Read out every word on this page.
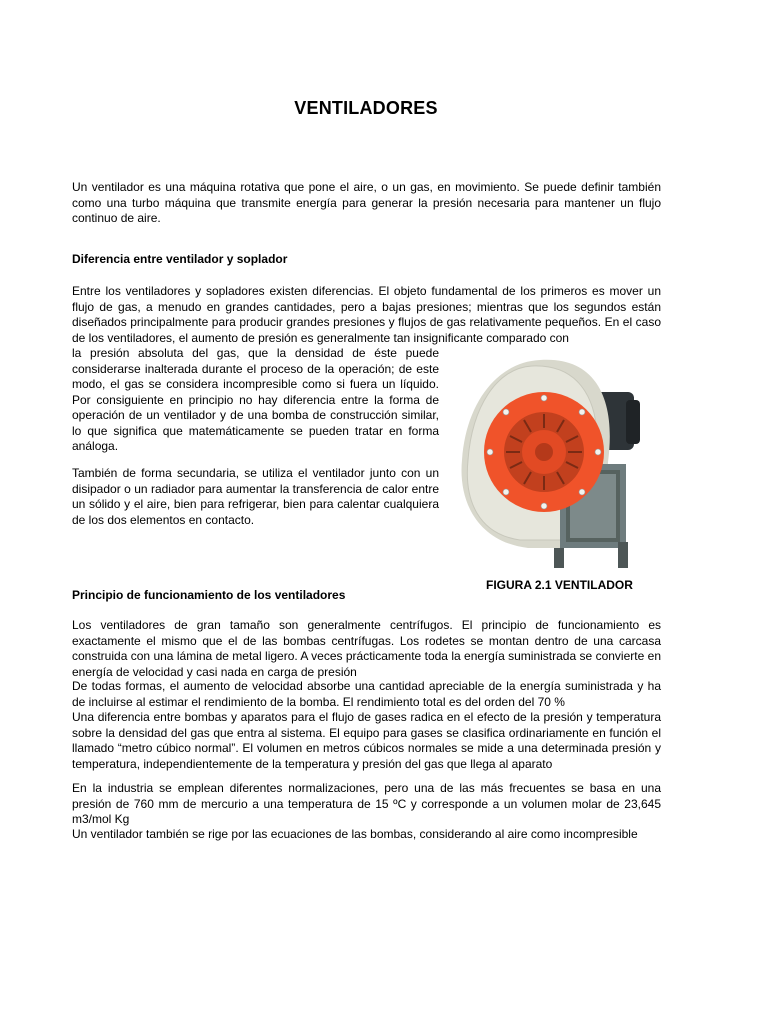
VENTILADORES

Un ventilador es una máquina rotativa que pone el aire, o un gas, en movimiento. Se puede definir también como una turbo máquina que transmite energía para generar la presión necesaria para mantener un flujo continuo de aire.

Diferencia entre ventilador y soplador

Entre los ventiladores y sopladores existen diferencias. El objeto fundamental de los primeros es mover un flujo de gas, a menudo en grandes cantidades, pero a bajas presiones; mientras que los segundos están diseñados principalmente para producir grandes presiones y flujos de gas relativamente pequeños. En el caso de los ventiladores, el aumento de presión es generalmente tan insignificante comparado con

la presión absoluta del gas, que la densidad de éste puede considerarse inalterada durante el proceso de la operación; de este modo, el gas se considera incompresible como si fuera un líquido. Por consiguiente en principio no hay diferencia entre la forma de operación de un ventilador y de una bomba de construcción similar, lo que significa que matemáticamente se pueden tratar en forma análoga.

También de forma secundaria, se utiliza el ventilador junto con un disipador o un radiador para aumentar la transferencia de calor entre un sólido y el aire, bien para refrigerar, bien para calentar cualquiera de los dos elementos en contacto.

FIGURA 2.1 VENTILADOR
Principio de funcionamiento de los ventiladores

Los ventiladores de gran tamaño son generalmente centrífugos. El principio de funcionamiento es exactamente el mismo que el de las bombas centrífugas. Los rodetes se montan dentro de una carcasa construida con una lámina de metal ligero. A veces prácticamente toda la energía suministrada se convierte en energía de velocidad y casi nada en carga de presión

De todas formas, el aumento de velocidad absorbe una cantidad apreciable de la energía suministrada y ha de incluirse al estimar el rendimiento de la bomba. El rendimiento total es del orden del 70 %

Una diferencia entre bombas y aparatos para el flujo de gases radica en el efecto de la presión y temperatura sobre la densidad del gas que entra al sistema. El equipo para gases se clasifica ordinariamente en función el llamado “metro cúbico normal”. El volumen en metros cúbicos normales se mide a una determinada presión y temperatura, independientemente de la temperatura y presión del gas que llega al aparato

En la industria se emplean diferentes normalizaciones, pero una de las más frecuentes se basa en una presión de 760 mm de mercurio a una temperatura de 15 ºC y corresponde a un volumen molar de 23,645 m3/mol Kg

Un ventilador también se rige por las ecuaciones de las bombas, considerando al aire como incompresible
